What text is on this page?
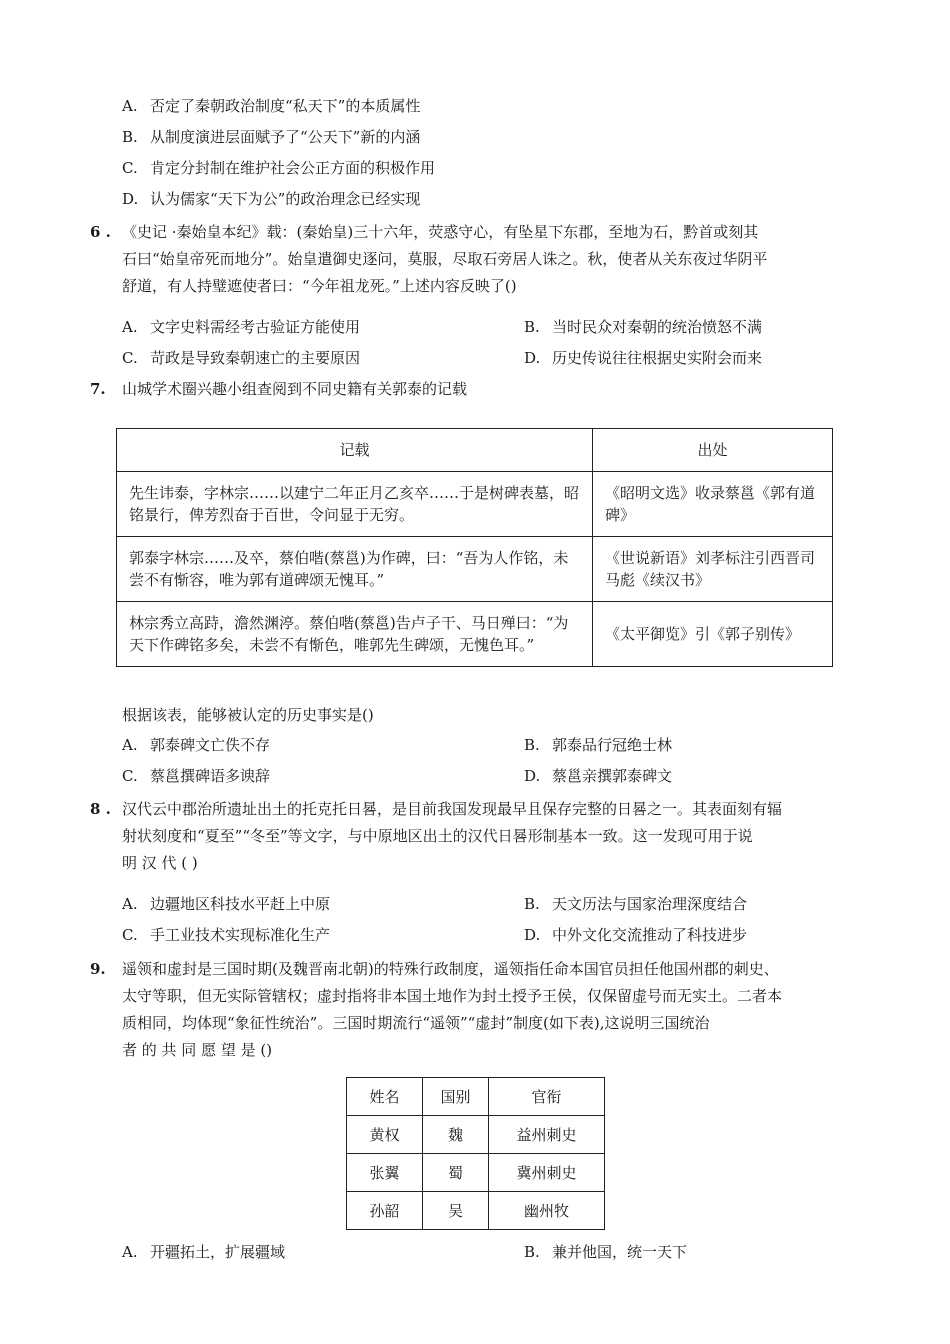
A. 否定了秦朝政治制度“私天下”的本质属性
B. 从制度演进层面赋予了“公天下”新的内涵
C. 肯定分封制在维护社会公正方面的积极作用
D. 认为儒家“天下为公”的政治理念已经实现
6 . 《史记 ·秦始皇本纪》载：(秦始皇)三十六年，荧惑守心，有坠星下东郡，至地为石，黔首或刻其
石曰“始皇帝死而地分”。始皇遣御史逐问，莫服，尽取石旁居人诛之。秋，使者从关东夜过华阴平
舒道，有人持璧遮使者曰：“今年祖龙死。”上述内容反映了()
A. 文字史料需经考古验证方能使用	B. 当时民众对秦朝的统治愤怒不满
C. 苛政是导致秦朝速亡的主要原因	D. 历史传说往往根据史实附会而来
7. 山城学术圈兴趣小组查阅到不同史籍有关郭泰的记载
记载	出处
先生讳泰，字林宗……以建宁二年正月乙亥卒……于是树碑表墓，昭铭景行，俾芳烈奋于百世，令问显于无穷。	《昭明文选》收录蔡邕《郭有道碑》
郭泰字林宗……及卒，蔡伯喈(蔡邕)为作碑，曰：“吾为人作铭，未尝不有惭容，唯为郭有道碑颂无愧耳。”	《世说新语》刘孝标注引西晋司马彪《续汉书》
林宗秀立高跱，澹然渊渟。蔡伯喈(蔡邕)告卢子干、马日殚曰：“为天下作碑铭多矣，未尝不有惭色，唯郭先生碑颂，无愧色耳。”	《太平御览》引《郭子别传》
根据该表，能够被认定的历史事实是()
A. 郭泰碑文亡佚不存	B. 郭泰品行冠绝士林
C. 蔡邕撰碑语多谀辞	D. 蔡邕亲撰郭泰碑文
8 . 汉代云中郡治所遗址出土的托克托日晷，是目前我国发现最早且保存完整的日晷之一。其表面刻有辐
射状刻度和“夏至”“冬至”等文字，与中原地区出土的汉代日晷形制基本一致。这一发现可用于说
明 汉 代 ( )
A. 边疆地区科技水平赶上中原	B. 天文历法与国家治理深度结合
C. 手工业技术实现标准化生产	D. 中外文化交流推动了科技进步
9. 遥领和虚封是三国时期(及魏晋南北朝)的特殊行政制度，遥领指任命本国官员担任他国州郡的刺史、
太守等职，但无实际管辖权；虚封指将非本国土地作为封土授予王侯，仅保留虚号而无实土。二者本
质相同，均体现“象征性统治”。三国时期流行“遥领”“虚封”制度(如下表),这说明三国统治
者 的 共 同 愿 望 是 ()
姓名	国别	官衔
黄权	魏	益州刺史
张翼	蜀	冀州刺史
孙韶	吴	幽州牧
A. 开疆拓土，扩展疆域	B. 兼并他国，统一天下
